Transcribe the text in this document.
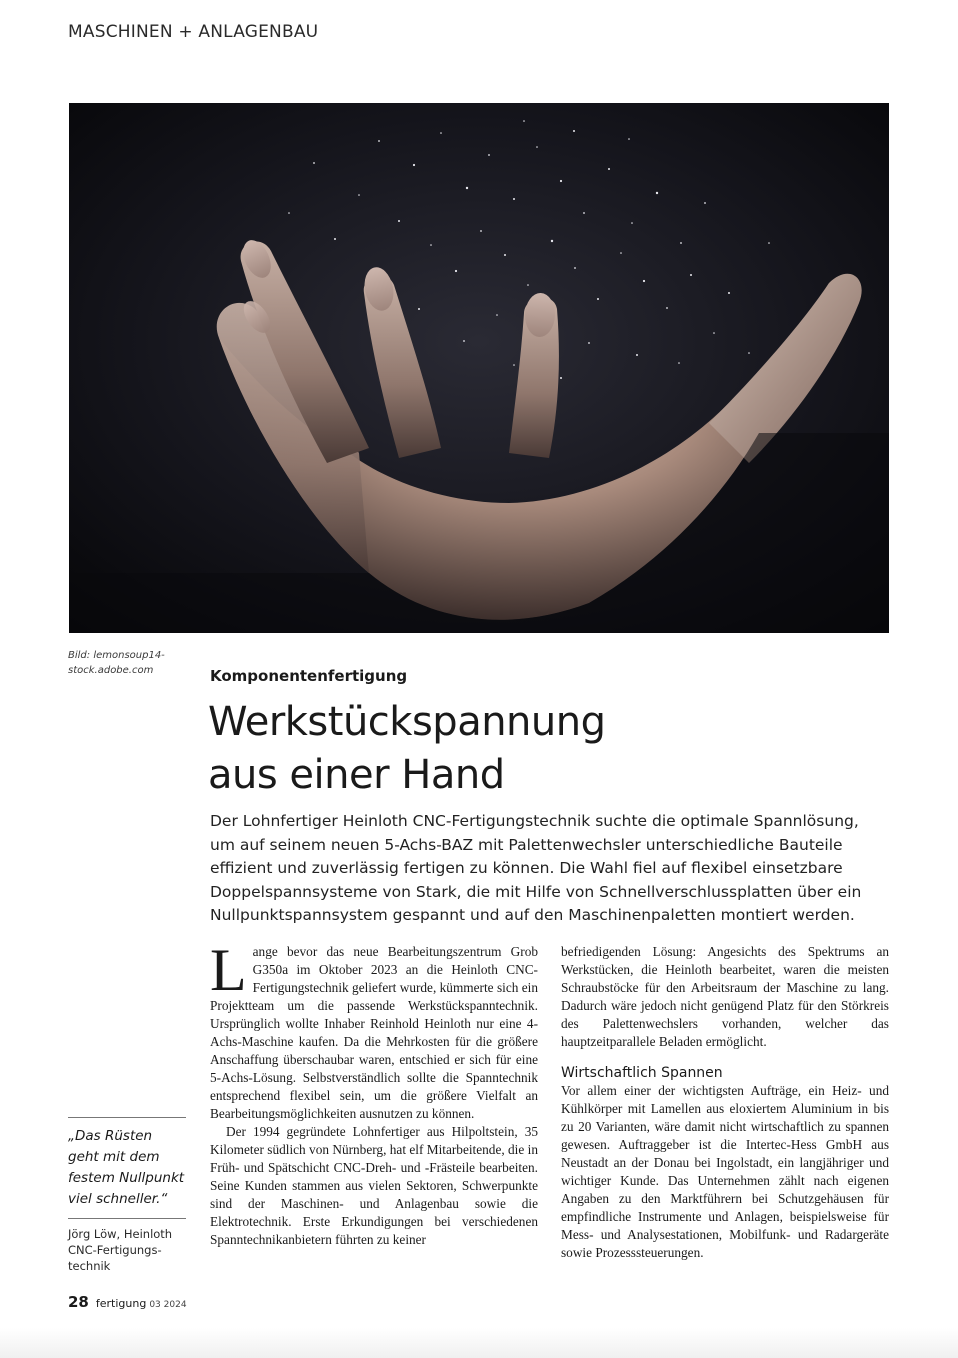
MASCHINEN + ANLAGENBAU
Bild: lemonsoup14-stock.adobe.com	Komponentenfertigung
Werkstückspannung
aus einer Hand

Der Lohnfertiger Heinloth CNC-Fertigungstechnik suchte die optimale Spannlösung,
um auf seinem neuen 5-Achs-BAZ mit Palettenwechsler unterschiedliche Bauteile
effizient und zuverlässig fertigen zu können. Die Wahl fiel auf flexibel einsetzbare
Doppelspannsysteme von Stark, die mit Hilfe von Schnellverschlussplatten über ein
Nullpunktspannsystem gespannt und auf den Maschinenpaletten montiert werden.

Lange bevor das neue Bearbeitungszentrum Grob G350a im Oktober 2023 an die Heinloth CNC-Fertigungstechnik geliefert wurde, kümmerte sich ein Projektteam um die passende Werkstückspanntechnik. Ursprünglich wollte Inhaber Reinhold Heinloth nur eine 4-Achs-Maschine kaufen. Da die Mehrkosten für die größere Anschaffung überschaubar waren, entschied er sich für eine 5-Achs-Lösung. Selbstverständlich sollte die Spanntechnik entsprechend flexibel sein, um die größere Vielfalt an Bearbeitungsmöglichkeiten ausnutzen zu können.

Der 1994 gegründete Lohnfertiger aus Hilpoltstein, 35 Kilometer südlich von Nürnberg, hat elf Mitarbeitende, die in Früh- und Spätschicht CNC-Dreh- und -Frästeile bearbeiten. Seine Kunden stammen aus vielen Sektoren, Schwerpunkte sind der Maschinen- und Anlagenbau sowie die Elektrotechnik. Erste Erkundigungen bei verschiedenen Spanntechnikanbietern führten zu keiner

befriedigenden Lösung: Angesichts des Spektrums an Werkstücken, die Heinloth bearbeitet, waren die meisten Schraubstöcke für den Arbeitsraum der Maschine zu lang. Dadurch wäre jedoch nicht genügend Platz für den Störkreis des Palettenwechslers vorhanden, welcher das hauptzeitparallele Beladen ermöglicht.

Wirtschaftlich Spannen

Vor allem einer der wichtigsten Aufträge, ein Heiz- und Kühlkörper mit Lamellen aus eloxiertem Aluminium in bis zu 20 Varianten, wäre damit nicht wirtschaftlich zu spannen gewesen. Auftraggeber ist die Intertec-Hess GmbH aus Neustadt an der Donau bei Ingolstadt, ein langjähriger und wichtiger Kunde. Das Unternehmen zählt nach eigenen Angaben zu den Marktführern bei Schutzgehäusen für empfindliche Instrumente und Anlagen, beispielsweise für Mess- und Analysestationen, Mobilfunk- und Radargeräte sowie Prozesssteuerungen.

„Das Rüsten geht mit dem festem Nullpunkt viel schneller.“

Jörg Löw, Heinloth CNC-Fertigungs-technik

28 fertigung 03 2024
